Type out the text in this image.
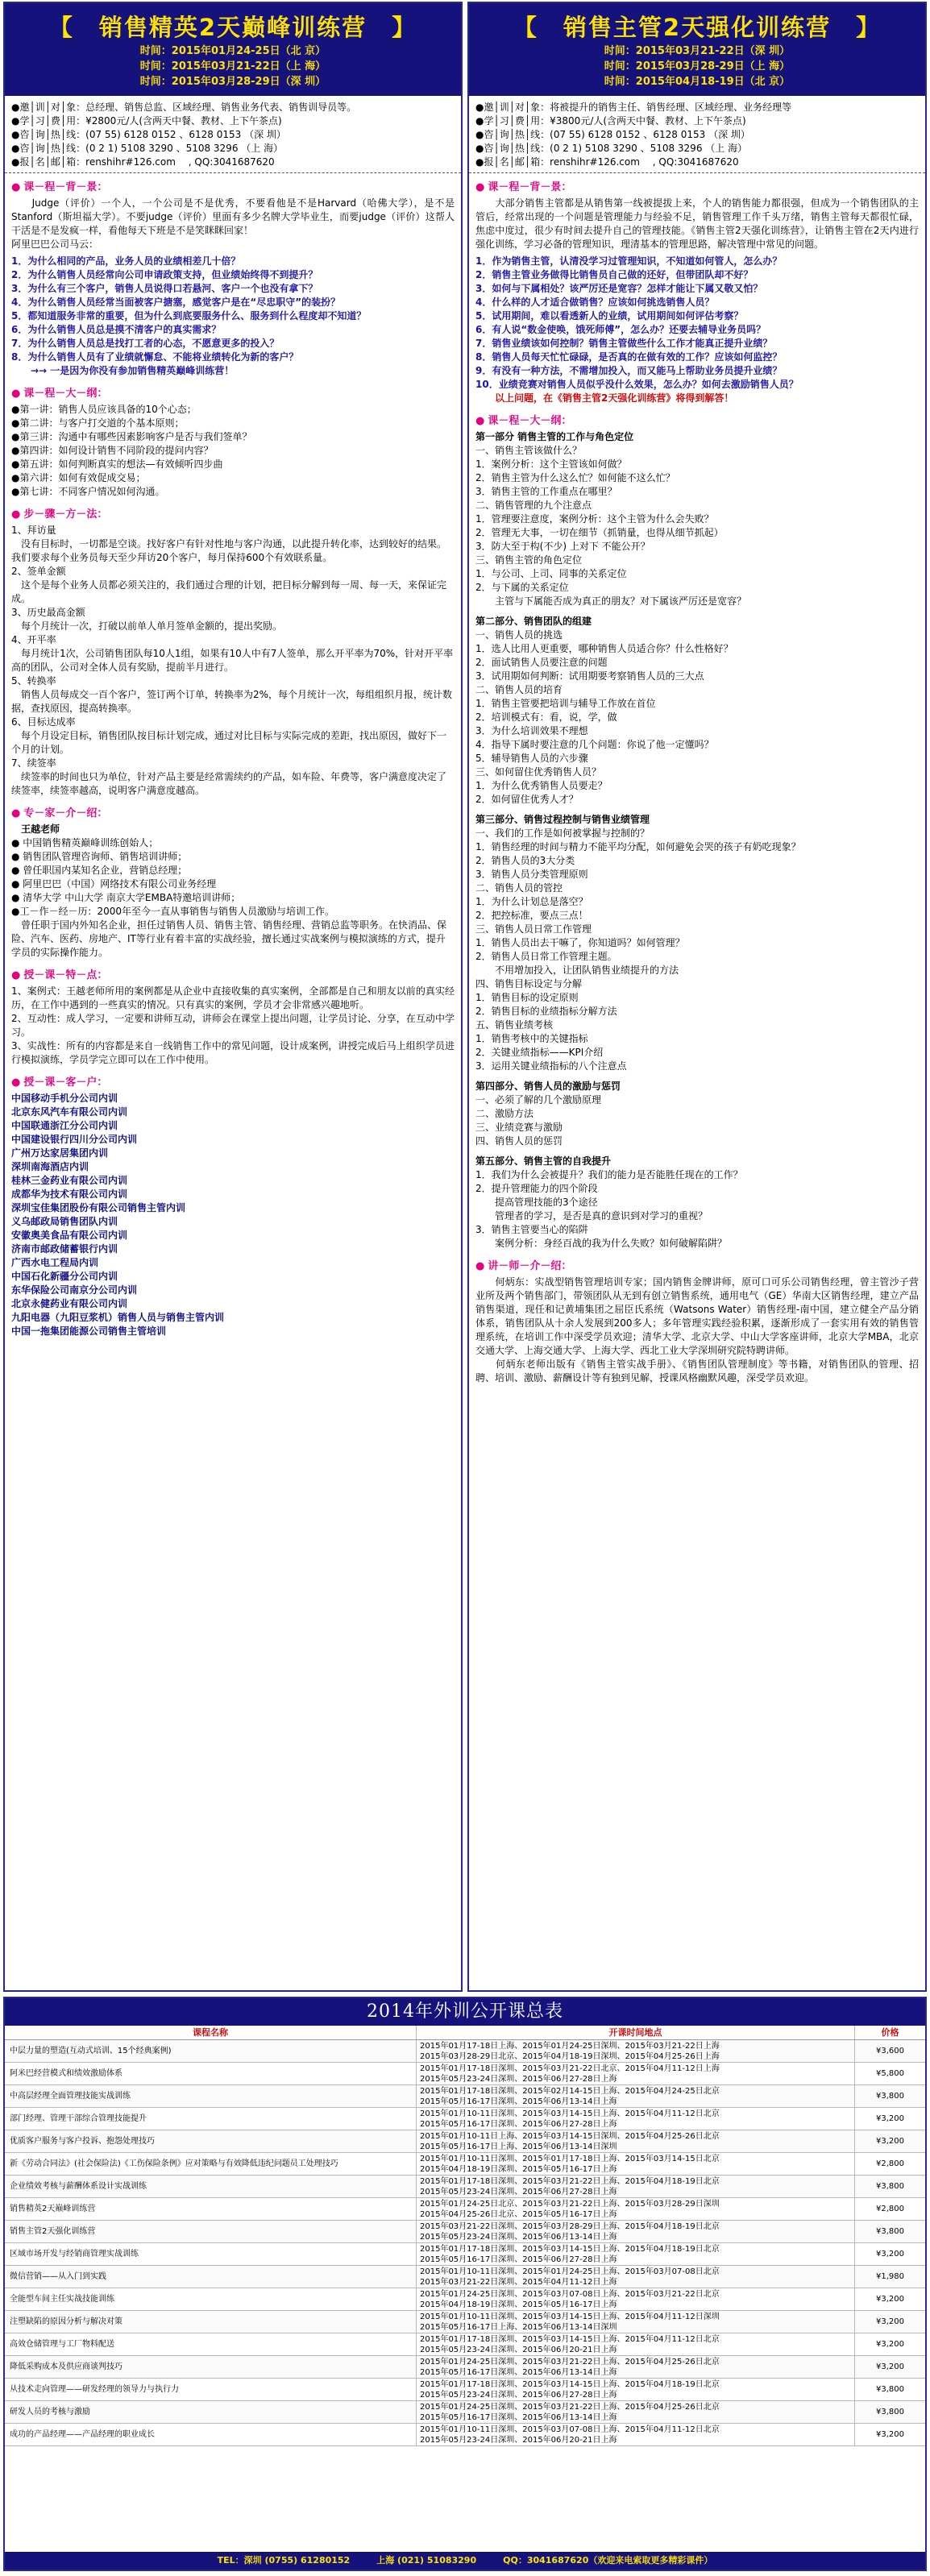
【　销售精英2天巅峰训练营　】
时间：2015年01月24-25日（北 京）
时间：2015年03月21-22日（上 海）
时间：2015年03月28-29日（深 圳）
●邀│训│对│象：总经理、销售总监、区域经理、销售业务代表、销售训导员等。
●学│习│费│用：¥2800元/人(含两天中餐、教材、上下午茶点)
●咨│询│热│线：(07 55) 6128 0152 、6128 0153 （深 圳）
●咨│询│热│线：(0 2 1) 5108 3290 、5108 3296 （上 海）
●报│名│邮│箱：renshihr#126.com　 , QQ:3041687620
● 课－程－背－景：
　　Judge（评价）一个人，一个公司是不是优秀，不要看他是不是Harvard（哈佛大学），是不是Stanford（斯坦福大学）。不要judge（评价）里面有多少名牌大学毕业生，而要judge（评价）这帮人干活是不是发疯一样，看他每天下班是不是笑眯眯回家！
阿里巴巴公司马云：
1．为什么相同的产品，业务人员的业绩相差几十倍？
2．为什么销售人员经常向公司申请政策支持，但业绩始终得不到提升？
3．为什么有三个客户，销售人员说得口若悬河、客户一个也没有拿下？
4．为什么销售人员经常当面被客户搪塞，感觉客户是在“尽忠职守”的装扮？
5．都知道服务非常的重要，但为什么到底要服务什么、服务到什么程度却不知道？
6．为什么销售人员总是摸不清客户的真实需求？
7．为什么销售人员总是找打工者的心态，不愿意更多的投入？
8．为什么销售人员有了业绩就懈怠、不能将业绩转化为新的客户？
　　→→ 一是因为你没有参加销售精英巅峰训练营！
● 课－程－大－纲：
●第一讲：销售人员应该具备的10个心态；
●第二讲：与客户打交道的个基本原则；
●第三讲：沟通中有哪些因素影响客户是否与我们签单？
●第四讲：如何设计销售不同阶段的提问内容？
●第五讲：如何判断真实的想法—有效倾听四步曲
●第六讲：如何有效促成交易；
●第七讲：不同客户情况如何沟通。
● 步－骤－方－法：
1、拜访量
　没有目标时，一切都是空谈。找好客户有针对性地与客户沟通，以此提升转化率，达到较好的结果。我们要求每个业务员每天至少拜访20个客户，每月保持600个有效联系量。
2、签单金额
　这个是每个业务人员都必须关注的，我们通过合理的计划，把目标分解到每一周、每一天，来保证完成。
3、历史最高金额
　每个月统计一次，打破以前单人单月签单金额的，提出奖励。
4、开平率
　每月统计1次，公司销售团队每10人1组，如果有10人中有7人签单，那么开平率为70%，针对开平率高的团队，公司对全体人员有奖励，提前半月进行。
5、转换率
　销售人员每成交一百个客户，签订两个订单，转换率为2%，每个月统计一次，每组组织月报，统计数据，查找原因，提高转换率。
6、目标达成率
　每个月设定目标，销售团队按目标计划完成，通过对比目标与实际完成的差距，找出原因，做好下一个月的计划。
7、续签率
　续签率的时间也只为单位，针对产品主要是经常需续约的产品，如车险、年费等，客户满意度决定了续签率，续签率越高，说明客户满意度越高。
● 专－家－介－绍：
　王越老师
● 中国销售精英巅峰训练创始人；
● 销售团队管理咨询师、销售培训讲师；
● 曾任职国内某知名企业，营销总经理；
● 阿里巴巴（中国）网络技术有限公司业务经理
● 清华大学 中山大学 南京大学EMBA特邀培训讲师；
●工－作－经－历：2000年至今一直从事销售与销售人员激励与培训工作。
　曾任职于国内外知名企业，担任过销售人员、销售主管、销售经理、营销总监等职务。在快消品、保险、汽车、医药、房地产、IT等行业有着丰富的实战经验，擅长通过实战案例与模拟演练的方式，提升学员的实际操作能力。
● 授－课－特－点：
1、案例式：王越老师所用的案例都是从企业中直接收集的真实案例，全部都是自己和朋友以前的真实经历，在工作中遇到的一些真实的情况。只有真实的案例，学员才会非常感兴趣地听。
2、互动性：成人学习，一定要和讲师互动，讲师会在课堂上提出问题，让学员讨论、分享，在互动中学习。
3、实战性：所有的内容都是来自一线销售工作中的常见问题，设计成案例，讲授完成后马上组织学员进行模拟演练，学员学完立即可以在工作中使用。
● 授－课－客－户：
中国移动手机分公司内训
北京东风汽车有限公司内训
中国联通浙江分公司内训
中国建设银行四川分公司内训
广州万达家居集团内训
深圳南海酒店内训
桂林三金药业有限公司内训
成都华为技术有限公司内训
深圳宝佳集团股份有限公司销售主管内训
义乌邮政局销售团队内训
安徽奥美食品有限公司内训
济南市邮政储蓄银行内训
广西水电工程局内训
中国石化新疆分公司内训
东华保险公司南京分公司内训
北京永健药业有限公司内训
九阳电器（九阳豆浆机）销售人员与销售主管内训
中国一拖集团能源公司销售主管培训
【　销售主管2天强化训练营　】
时间：2015年03月21-22日（深 圳）
时间：2015年03月28-29日（上 海）
时间：2015年04月18-19日（北 京）
●邀│训│对│象：将被提升的销售主任、销售经理、区域经理、业务经理等
●学│习│费│用：¥3800元/人(含两天中餐、教材、上下午茶点)
●咨│询│热│线：(07 55) 6128 0152 、6128 0153 （深 圳）
●咨│询│热│线：(0 2 1) 5108 3290 、5108 3296 （上 海）
●报│名│邮│箱：renshihr#126.com　 , QQ:3041687620
● 课－程－背－景：
　　大部分销售主管都是从销售第一线被提拔上来，个人的销售能力都很强，但成为一个销售团队的主管后，经常出现的一个问题是管理能力与经验不足，销售管理工作千头万绪，销售主管每天都很忙碌，焦虑中度过，很少有时间去提升自己的管理技能。《销售主管2天强化训练营》，让销售主管在2天内进行强化训练，学习必备的管理知识，理清基本的管理思路，解决管理中常见的问题。
1．作为销售主管，认清没学习过管理知识，不知道如何管人，怎么办？
2．销售主管业务做得比销售员自己做的还好，但带团队却不好？
3．如何与下属相处？该严厉还是宽容？怎样才能让下属又敬又怕？
4．什么样的人才适合做销售？应该如何挑选销售人员？
5．试用期间，难以看透新人的业绩，试用期间如何评估考察？
6．有人说“数金使唤，饿死师傅”，怎么办？还要去辅导业务员吗？
7．销售业绩该如何控制？销售主管做些什么工作才能真正提升业绩？
8．销售人员每天忙忙碌碌，是否真的在做有效的工作？应该如何监控？
9．有没有一种方法，不需增加投入，而又能马上帮助业务员提升业绩？
10．业绩竞赛对销售人员似乎没什么效果，怎么办？如何去激励销售人员？
　　以上问题，在《销售主管2天强化训练营》将得到解答！
● 课－程－大－纲：
第一部分 销售主管的工作与角色定位
一、销售主管该做什么？
1．案例分析：这个主管该如何做？
2．销售主管为什么这么忙？如何能不这么忙？
3．销售主管的工作重点在哪里？
二、销售管理的九个注意点
1．管理要注意度，案例分析：这个主管为什么会失败？
2．管理无大事，一切在细节（抓销量，也得从细节抓起）
3．防大至于构(不少) 上对下 不能公开？
三、销售主管的角色定位
1．与公司、上司、同事的关系定位
2．与下属的关系定位
　　主管与下属能否成为真正的朋友？对下属该严厉还是宽容？
第二部分、销售团队的组建
一、销售人员的挑选
1．选人比用人更重要，哪种销售人员适合你？什么性格好？
2．面试销售人员要注意的问题
3．试用期如何判断：试用期要考察销售人员的三大点
二、销售人员的培育
1．销售主管要把培训与辅导工作放在首位
2．培训模式有：看，说，学，做
3．为什么培训效果不理想
4．指导下属时要注意的几个问题：你说了他一定懂吗？
5．辅导销售人员的六步骤
三、如何留住优秀销售人员？
1．为什么优秀销售人员要走？
2．如何留住优秀人才？
第三部分、销售过程控制与销售业绩管理
一、我们的工作是如何被掌握与控制的？
1．销售经理的时间与精力不能平均分配，如何避免会哭的孩子有奶吃现象？
2．销售人员的3大分类
3．销售人员分类管理原则
二、销售人员的管控
1．为什么计划总是落空？
2．把控标准，要点三点！
三、销售人员日常工作管理
1．销售人员出去干嘛了，你知道吗？如何管理？
2．销售人员日常工作管理主题。
　　不用增加投入，让团队销售业绩提升的方法
四、销售目标设定与分解
1．销售目标的设定原则
2．销售目标的业绩指标分解方法
五、销售业绩考核
1．销售考核中的关键指标
2．关键业绩指标——KPI介绍
3．运用关键业绩指标的八个注意点
第四部分、销售人员的激励与惩罚
一、必须了解的几个激励原理
二、激励方法
三、业绩竞赛与激励
四、销售人员的惩罚
第五部分、销售主管的自我提升
1．我们为什么会被提升？我们的能力是否能胜任现在的工作？
2．提升管理能力的四个阶段
　　提高管理技能的3个途径
　　管理者的学习，是否是真的意识到对学习的重视？
3．销售主管要当心的陷阱
　　案例分析：身经百战的我为什么失败？如何破解陷阱？
● 讲－师－介－绍：
　　何炳东：实战型销售管理培训专家；国内销售金牌讲师，原可口可乐公司销售经理，曾主管沙子营业所及两个销售部门，带领团队从无到有创立销售系统，通用电气（GE）华南大区销售经理，建立产品销售渠道，现任和记黄埔集团之屈臣氏系统（Watsons Water）销售经理-南中国，建立健全产品分销体系，销售团队从十余人发展到200多人；多年管理实践经验积累，逐渐形成了一套实用有效的销售管理系统，在培训工作中深受学员欢迎；清华大学、北京大学、中山大学客座讲师，北京大学MBA，北京交通大学、上海交通大学、上海大学、西北工业大学深圳研究院特聘讲师。
　　何炳东老师出版有《销售主管实战手册》、《销售团队管理制度》等书籍，对销售团队的管理、招聘、培训、激励、薪酬设计等有独到见解，授课风格幽默风趣，深受学员欢迎。
2014年外训公开课总表
课程名称	开课时间地点	价格
中层力量的塑造(互动式培训、15个经典案例)
2015年01月17-18日上海、2015年01月24-25日深圳、2015年03月21-22日上海
2015年03月28-29日北京、2015年04月18-19日深圳、2015年04月25-26日上海
¥3,600
阿米巴经营模式和绩效激励体系
2015年01月17-18日深圳、2015年03月21-22日北京、2015年04月11-12日上海
2015年05月23-24日深圳、2015年06月27-28日上海
¥5,800
中高层经理全面管理技能实战训练
2015年01月17-18日深圳、2015年02月14-15日上海、2015年04月24-25日北京
2015年05月16-17日深圳、2015年06月13-14日上海
¥3,800
部门经理、管理干部综合管理技能提升
2015年01月10-11日深圳、2015年03月14-15日上海、2015年04月11-12日北京
2015年05月16-17日深圳、2015年06月27-28日上海
¥3,200
优质客户服务与客户投诉、抱怨处理技巧
2015年01月10-11日上海、2015年03月14-15日深圳、2015年04月25-26日北京
2015年05月16-17日上海、2015年06月13-14日深圳
¥3,200
新《劳动合同法》(社会保险法)《工伤保险条例》应对策略与有效降低违纪问题员工处理技巧
2015年01月10-11日深圳、2015年01月17-18日上海、2015年03月14-15日北京
2015年04月18-19日深圳、2015年05月16-17日上海
¥2,800
企业绩效考核与薪酬体系设计实战训练
2015年01月17-18日深圳、2015年03月21-22日上海、2015年04月18-19日北京
2015年05月23-24日深圳、2015年06月27-28日上海
¥3,800
销售精英2天巅峰训练营
2015年01月24-25日北京、2015年03月21-22日上海、2015年03月28-29日深圳
2015年04月25-26日北京、2015年05月16-17日上海
¥2,800
销售主管2天强化训练营
2015年03月21-22日深圳、2015年03月28-29日上海、2015年04月18-19日北京
2015年05月23-24日深圳、2015年06月13-14日上海
¥3,800
区域市场开发与经销商管理实战训练
2015年01月17-18日深圳、2015年03月14-15日上海、2015年04月18-19日北京
2015年05月16-17日深圳、2015年06月27-28日上海
¥3,200
微信营销——从入门到实践
2015年01月10-11日深圳、2015年01月24-25日上海、2015年03月07-08日北京
2015年03月21-22日深圳、2015年04月11-12日上海
¥1,980
全能型车间主任实战技能训练
2015年01月24-25日深圳、2015年03月07-08日上海、2015年03月21-22日北京
2015年04月18-19日深圳、2015年05月16-17日上海
¥3,200
注塑缺陷的原因分析与解决对策
2015年01月10-11日深圳、2015年03月14-15日上海、2015年04月11-12日深圳
2015年05月16-17日上海、2015年06月13-14日深圳
¥3,200
高效仓储管理与工厂物料配送
2015年01月17-18日深圳、2015年03月14-15日上海、2015年04月11-12日北京
2015年05月23-24日深圳、2015年06月20-21日上海
¥3,200
降低采购成本及供应商谈判技巧
2015年01月24-25日深圳、2015年03月21-22日上海、2015年04月25-26日北京
2015年05月16-17日深圳、2015年06月13-14日上海
¥3,200
从技术走向管理——研发经理的领导力与执行力
2015年01月17-18日深圳、2015年03月14-15日上海、2015年04月18-19日北京
2015年05月23-24日深圳、2015年06月27-28日上海
¥3,800
研发人员的考核与激励
2015年01月24-25日深圳、2015年03月21-22日上海、2015年04月25-26日北京
2015年05月16-17日深圳、2015年06月13-14日上海
¥3,800
成功的产品经理——产品经理的职业成长
2015年01月10-11日深圳、2015年03月07-08日上海、2015年04月11-12日北京
2015年05月23-24日深圳、2015年06月20-21日上海
¥3,200
TEL：深圳 (0755) 61280152　　　上海 (021) 51083290　　　QQ：3041687620（欢迎来电索取更多精彩课件）
